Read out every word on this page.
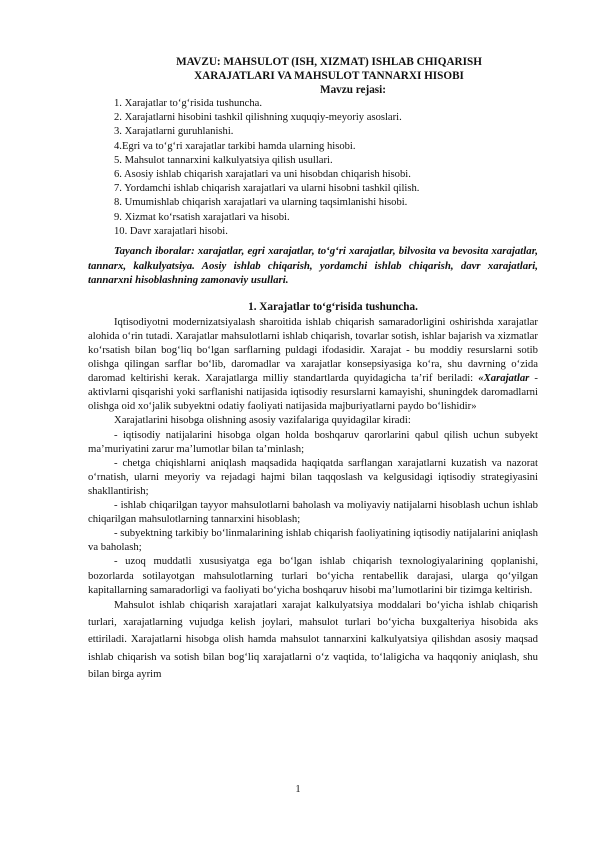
MAVZU: MAHSULOT (ISH, XIZMAT) ISHLAB CHIQARISH
XARAJATLARI VA MAHSULOT TANNARXI HISOBI
Mavzu rejasi:
1. Xarajatlar to‘g‘risida tushuncha.
2. Xarajatlarni hisobini tashkil qilishning xuquqiy-meyoriy asoslari.
3. Xarajatlarni guruhlanishi.
4.Egri va to‘g‘ri xarajatlar tarkibi hamda ularning hisobi.
5. Mahsulot tannarxini kalkulyatsiya qilish usullari.
6. Asosiy ishlab chiqarish xarajatlari va uni hisobdan chiqarish hisobi.
7. Yordamchi ishlab chiqarish xarajatlari va ularni hisobni tashkil qilish.
8. Umumishlab chiqarish xarajatlari va ularning taqsimlanishi hisobi.
9. Xizmat ko‘rsatish xarajatlari va hisobi.
10. Davr xarajatlari hisobi.

Tayanch iboralar: xarajatlar, egri xarajatlar, to‘g‘ri xarajatlar, bilvosita va bevosita xarajatlar, tannarx, kalkulyatsiya. Aosiy ishlab chiqarish, yordamchi ishlab chiqarish, davr xarajatlari, tannarxni hisoblashning zamonaviy usullari.

1. Xarajatlar to‘g‘risida tushuncha.

Iqtisodiyotni modernizatsiyalash sharoitida ishlab chiqarish samaradorligini oshirishda xarajatlar alohida o‘rin tutadi. Xarajatlar mahsulotlarni ishlab chiqarish, tovarlar sotish, ishlar bajarish va xizmatlar ko‘rsatish bilan bog‘liq bo‘lgan sarflarning puldagi ifodasidir. Xarajat - bu moddiy resurslarni sotib olishga qilingan sarflar bo‘lib, daromadlar va xarajatlar konsepsiyasiga ko‘ra, shu davrning o‘zida daromad keltirishi kerak. Xarajatlarga milliy standartlarda quyidagicha ta’rif beriladi: «Xarajatlar - aktivlarni qisqarishi yoki sarflanishi natijasida iqtisodiy resurslarni kamayishi, shuningdek daromadlarni olishga oid xo‘jalik subyektni odatiy faoliyati natijasida majburiyatlarni paydo bo‘lishidir»

Xarajatlarini hisobga olishning asosiy vazifalariga quyidagilar kiradi:

- iqtisodiy natijalarini hisobga olgan holda boshqaruv qarorlarini qabul qilish uchun subyekt ma’muriyatini zarur ma’lumotlar bilan ta’minlash;

- chetga chiqishlarni aniqlash maqsadida haqiqatda sarflangan xarajatlarni kuzatish va nazorat o‘rnatish, ularni meyoriy va rejadagi hajmi bilan taqqoslash va kelgusidagi iqtisodiy strategiyasini shakllantirish;

- ishlab chiqarilgan tayyor mahsulotlarni baholash va moliyaviy natijalarni hisoblash uchun ishlab chiqarilgan mahsulotlarning tannarxini hisoblash;

- subyektning tarkibiy bo‘linmalarining ishlab chiqarish faoliyatining iqtisodiy natijalarini aniqlash va baholash;

- uzoq muddatli xususiyatga ega bo‘lgan ishlab chiqarish texnologiyalarining qoplanishi, bozorlarda sotilayotgan mahsulotlarning turlari bo‘yicha rentabellik darajasi, ularga qo‘yilgan kapitallarning samaradorligi va faoliyati bo‘yicha boshqaruv hisobi ma’lumotlarini bir tizimga keltirish.

Mahsulot ishlab chiqarish xarajatlari xarajat kalkulyatsiya moddalari bo‘yicha ishlab chiqarish turlari, xarajatlarning vujudga kelish joylari, mahsulot turlari bo‘yicha buxgalteriya hisobida aks ettiriladi. Xarajatlarni hisobga olish hamda mahsulot tannarxini kalkulyatsiya qilishdan asosiy maqsad ishlab chiqarish va sotish bilan bog‘liq xarajatlarni o‘z vaqtida, to‘laligicha va haqqoniy aniqlash, shu bilan birga ayrim

1
